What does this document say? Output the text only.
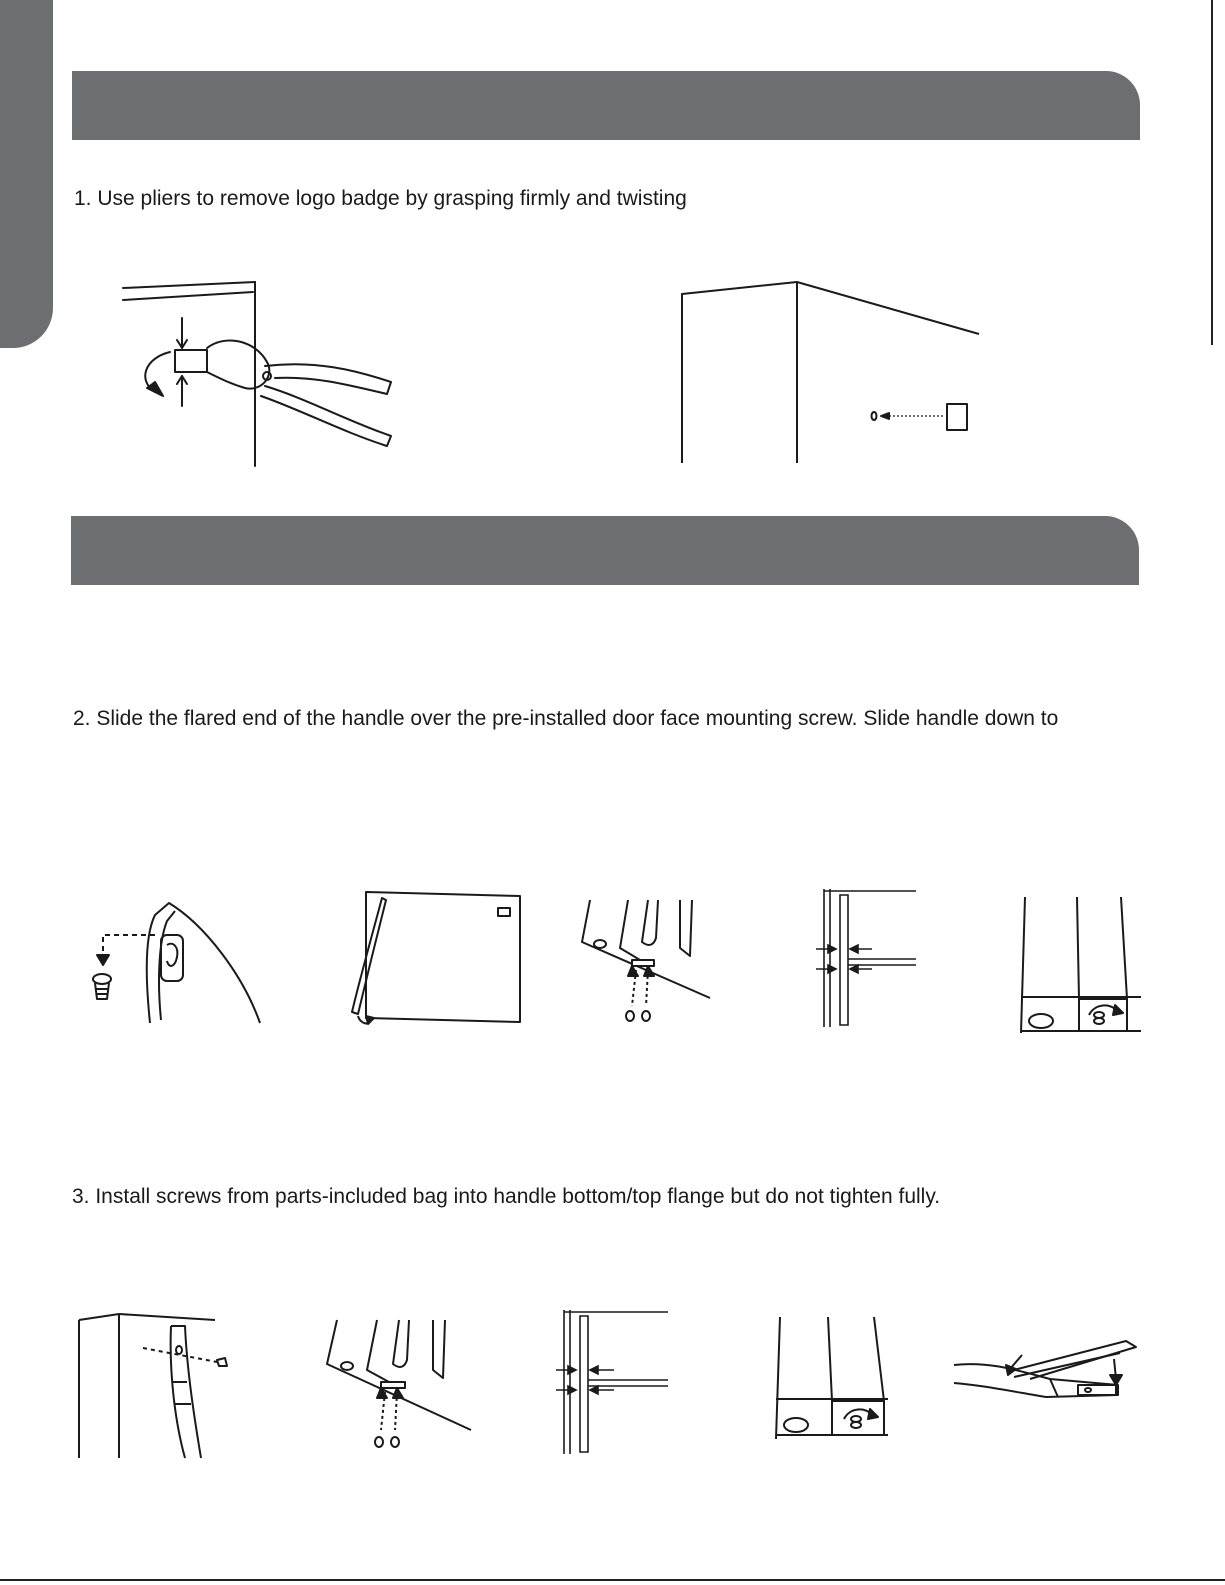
1. Use pliers to remove logo badge by grasping firmly and twisting
2. Slide the flared end of the handle over the pre-installed door face mounting screw. Slide handle down to
3. Install screws from parts-included bag into handle bottom/top flange but do not tighten fully.
